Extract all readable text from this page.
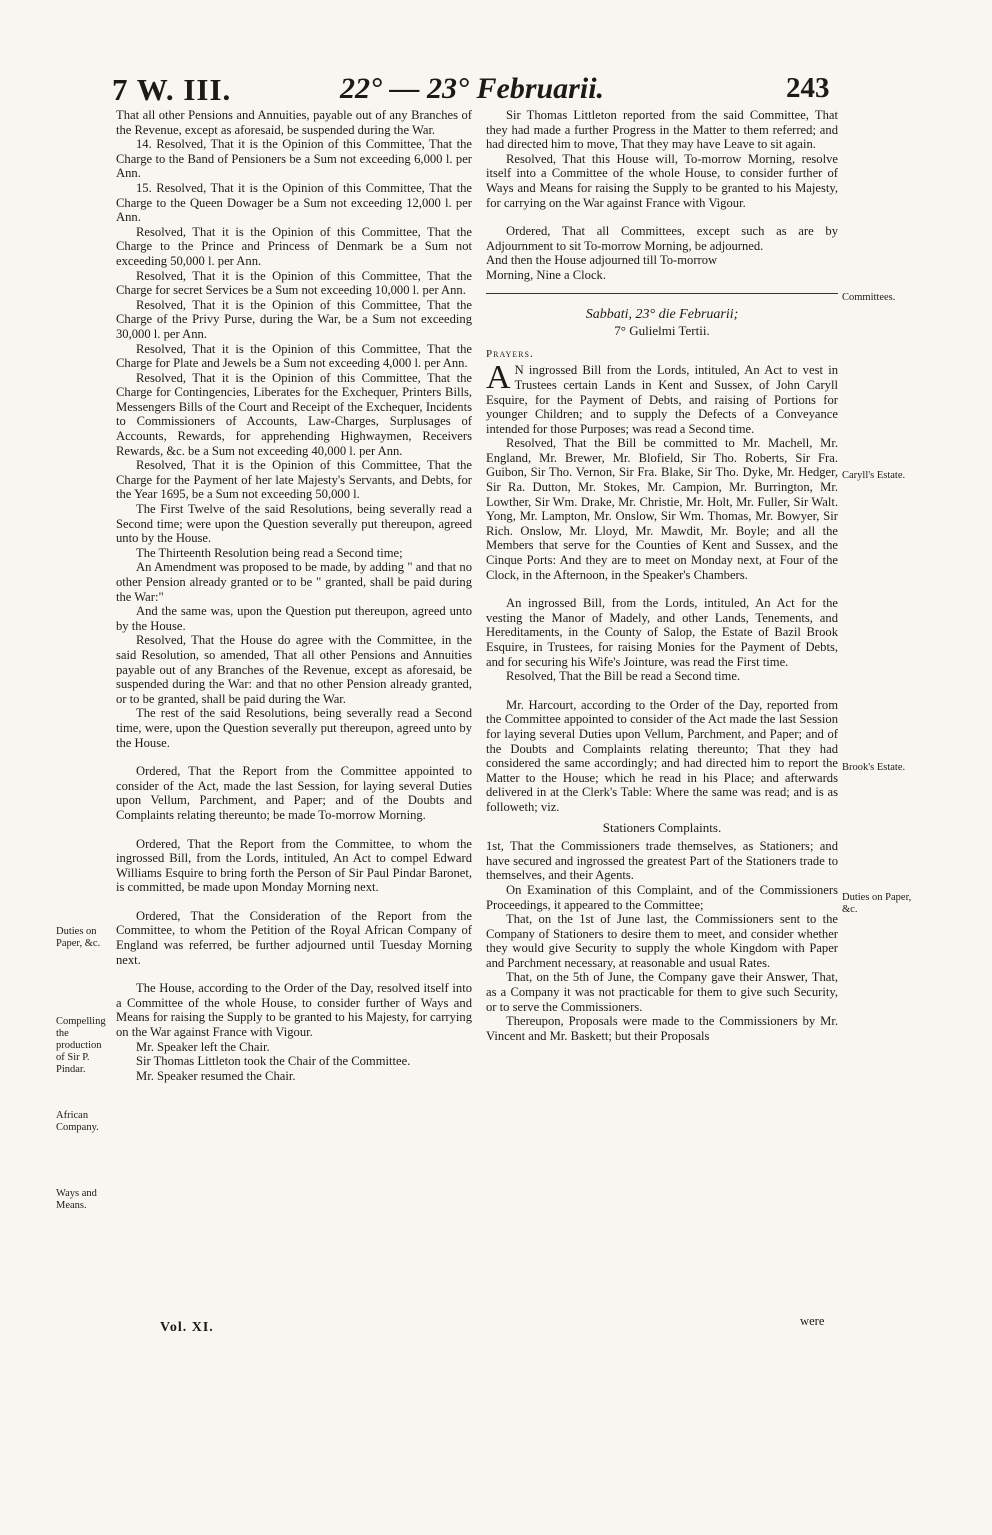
7 W. III.	22° — 23° Februarii.	243

That all other Pensions and Annuities, payable out of any Branches of the Revenue, except as aforesaid, be suspended during the War.

14. Resolved, That it is the Opinion of this Committee, That the Charge to the Band of Pensioners be a Sum not exceeding 6,000 l. per Ann.

15. Resolved, That it is the Opinion of this Committee, That the Charge to the Queen Dowager be a Sum not exceeding 12,000 l. per Ann.

Resolved, That it is the Opinion of this Committee, That the Charge to the Prince and Princess of Denmark be a Sum not exceeding 50,000 l. per Ann.

Resolved, That it is the Opinion of this Committee, That the Charge for secret Services be a Sum not exceeding 10,000 l. per Ann.

Resolved, That it is the Opinion of this Committee, That the Charge of the Privy Purse, during the War, be a Sum not exceeding 30,000 l. per Ann.

Resolved, That it is the Opinion of this Committee, That the Charge for Plate and Jewels be a Sum not exceeding 4,000 l. per Ann.

Resolved, That it is the Opinion of this Committee, That the Charge for Contingencies, Liberates for the Exchequer, Printers Bills, Messengers Bills of the Court and Receipt of the Exchequer, Incidents to Commissioners of Accounts, Law-Charges, Surplusages of Accounts, Rewards, for apprehending Highwaymen, Receivers Rewards, &c. be a Sum not exceeding 40,000 l. per Ann.

Resolved, That it is the Opinion of this Committee, That the Charge for the Payment of her late Majesty's Servants, and Debts, for the Year 1695, be a Sum not exceeding 50,000 l.

The First Twelve of the said Resolutions, being severally read a Second time; were upon the Question severally put thereupon, agreed unto by the House.

The Thirteenth Resolution being read a Second time;

An Amendment was proposed to be made, by adding " and that no other Pension already granted or to be " granted, shall be paid during the War:"

And the same was, upon the Question put thereupon, agreed unto by the House.

Resolved, That the House do agree with the Committee, in the said Resolution, so amended, That all other Pensions and Annuities payable out of any Branches of the Revenue, except as aforesaid, be suspended during the War: and that no other Pension already granted, or to be granted, shall be paid during the War.

The rest of the said Resolutions, being severally read a Second time, were, upon the Question severally put thereupon, agreed unto by the House.

Ordered, That the Report from the Committee appointed to consider of the Act, made the last Session, for laying several Duties upon Vellum, Parchment, and Paper; and of the Doubts and Complaints relating thereunto; be made To-morrow Morning.

Ordered, That the Report from the Committee, to whom the ingrossed Bill, from the Lords, intituled, An Act to compel Edward Williams Esquire to bring forth the Person of Sir Paul Pindar Baronet, is committed, be made upon Monday Morning next.

Ordered, That the Consideration of the Report from the Committee, to whom the Petition of the Royal African Company of England was referred, be further adjourned until Tuesday Morning next.

The House, according to the Order of the Day, resolved itself into a Committee of the whole House, to consider further of Ways and Means for raising the Supply to be granted to his Majesty, for carrying on the War against France with Vigour.

Mr. Speaker left the Chair.

Sir Thomas Littleton took the Chair of the Committee.

Mr. Speaker resumed the Chair.

Duties on Paper, &c.
Compelling the production of Sir P. Pindar.
African Company.
Ways and Means.

Sir Thomas Littleton reported from the said Committee, That they had made a further Progress in the Matter to them referred; and had directed him to move, That they may have Leave to sit again.

Resolved, That this House will, To-morrow Morning, resolve itself into a Committee of the whole House, to consider further of Ways and Means for raising the Supply to be granted to his Majesty, for carrying on the War against France with Vigour.

Ordered, That all Committees, except such as are by Adjournment to sit To-morrow Morning, be adjourned.

And then the House adjourned till To-morrow

Morning, Nine a Clock.

Sabbati, 23° die Februarii;
7° Gulielmi Tertii.
Prayers.

A N ingrossed Bill from the Lords, intituled, An Act to vest in Trustees certain Lands in Kent and Sussex, of John Caryll Esquire, for the Payment of Debts, and raising of Portions for younger Children; and to supply the Defects of a Conveyance intended for those Purposes; was read a Second time.

Resolved, That the Bill be committed to Mr. Machell, Mr. England, Mr. Brewer, Mr. Blofield, Sir Tho. Roberts, Sir Fra. Guibon, Sir Tho. Vernon, Sir Fra. Blake, Sir Tho. Dyke, Mr. Hedger, Sir Ra. Dutton, Mr. Stokes, Mr. Campion, Mr. Burrington, Mr. Lowther, Sir Wm. Drake, Mr. Christie, Mr. Holt, Mr. Fuller, Sir Walt. Yong, Mr. Lampton, Mr. Onslow, Sir Wm. Thomas, Mr. Bowyer, Sir Rich. Onslow, Mr. Lloyd, Mr. Mawdit, Mr. Boyle; and all the Members that serve for the Counties of Kent and Sussex, and the Cinque Ports: And they are to meet on Monday next, at Four of the Clock, in the Afternoon, in the Speaker's Chambers.

An ingrossed Bill, from the Lords, intituled, An Act for the vesting the Manor of Madely, and other Lands, Tenements, and Hereditaments, in the County of Salop, the Estate of Bazil Brook Esquire, in Trustees, for raising Monies for the Payment of Debts, and for securing his Wife's Jointure, was read the First time.

Resolved, That the Bill be read a Second time.

Mr. Harcourt, according to the Order of the Day, reported from the Committee appointed to consider of the Act made the last Session for laying several Duties upon Vellum, Parchment, and Paper; and of the Doubts and Complaints relating thereunto; That they had considered the same accordingly; and had directed him to report the Matter to the House; which he read in his Place; and afterwards delivered in at the Clerk's Table: Where the same was read; and is as followeth; viz.

Stationers Complaints.

1st, That the Commissioners trade themselves, as Stationers; and have secured and ingrossed the greatest Part of the Stationers trade to themselves, and their Agents.

On Examination of this Complaint, and of the Commissioners Proceedings, it appeared to the Committee;

That, on the 1st of June last, the Commissioners sent to the Company of Stationers to desire them to meet, and consider whether they would give Security to supply the whole Kingdom with Paper and Parchment necessary, at reasonable and usual Rates.

That, on the 5th of June, the Company gave their Answer, That, as a Company it was not practicable for them to give such Security, or to serve the Commissioners.

Thereupon, Proposals were made to the Commissioners by Mr. Vincent and Mr. Baskett; but their Proposals

Committees.
Caryll's Estate.
Brook's Estate.
Duties on Paper, &c.
Vol. XI.	were
